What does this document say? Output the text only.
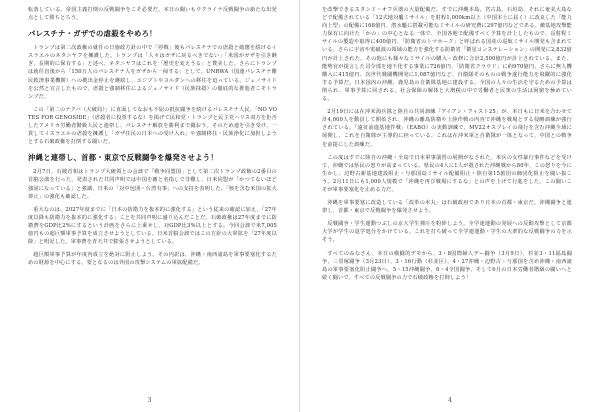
転落している。帝国主義打倒の反戦闘争をこそ必要だ。本日の闘いもウクライナ反戦闘争の新たな出発点として勝ちとろう。

パレスチナ・ガザでの虐殺をやめろ！

トランプは第二次政権の就任の日施政方針の中で「停戦」後もパレスチナでの虐殺と破壊を続けるイスラエルのネタニヤフを擁護した。トランプは「人々はガザに戻るべきでない」「米国がガザを引き継ぎ、長期的に保有する」と述べ、ネタニヤフはこれを「歴史を変えうる」と賛美した。さらにトランプは就任直後から「150万人のパレスチナ人をガザから一掃する」として、UNRWA（国連パレスチナ難民救済事業機関）への拠出金停止を継続し、エジプトやヨルダンへの移住を迫っている。ジェノサイドを公然と宣言したもので、虐殺と強制移住によるジェノサイド（民族抹殺）の徹底的な推進者こそトランプだ。

この「第二のナクバ（大破局）」に直面してなおも不屈の抵抗闘争を続けるパレスチナ人民、「NO VOTES FOR GENOSIDE」（虐殺者に投票するな）を掲げて民和党・トランプと民主党ハリス双方を拒否したアメリカ労働者階級人民と連帯し、パレスチナ解放を勝利まで闘おう。そのため連を引き受け、一貫してイスラエルの虐殺を擁護し「ガザ住民の日本への受け入れ」や強制移住・民族浄化に加担しようとする石破政権を打倒する闘いだ。

沖縄と連帯し、首都・東京で反戦闘争を爆発させよう！

2月7日、石破首相はトランプ大統領との会談で「戦争同盟国」として第二次トランプ政権の2番目の首脳会談を行った。発表された共同声明では中国を敵と名指しで非難し、日米同盟が「かつてないほど強固になっている」と強調、日米の「対中包囲・台湾有事」への支持を表明した。「核を含む米国の拡大抑止」の強化も確認した。

重大なのは、2027年度までに「日本の防衛力を抜本的に強化する」という従来の確認に加え、「27年度以降も防衛力を抜本的に強化する」ことを共同声明に盛り込んだことだ。石破政権は27年度までに防衛費をGDP比2%にするという計画をさらに上乗せし、対GDP比3%以上とする。今回会談で米7,005億円もの超巨額軍事予算を成立させようとしている。日米首脳会談ではこの方針の大軍拡を「27年度以降」と明記した。軍事費を青天井で膨張させようとしている。

超巨額軍事予算が年度内成立を絶対に阻止しよう。その内訳は、沖縄・南西諸島を軍事要塞化するための財源を中心にする。要となるのは外国の攻撃システムの軍拡配備だ。

3

を改撃できるスタンド・オフ兵器の大量配備だ。すでに沖縄本島、宮古島、石垣島、それに奄美大島などで配備されている「12式地対艦ミサイル」を射程1,000km以上（中国本土に届く）に改良した「能力向上型」の配備に168億円、潜水艦に搭載可能なミサイルの研究費に297億円などである。敵基地攻撃能力保有に向けた「かの」の中心となる一体で、全国各地で配備すべく予算を計上したもので、長射程ミサイルの製造や取得に400億円、「防衛省のトマホーク」と呼ばれる国産の巡航ミサイル開発も含まれている。さらに宇宙や電磁波の領域の能力を強化する防衛省「衛星コンステレーション」の開発に2,832億円が計上された。その他にも様々なミサイルの購入・改修に合計2,500億円が計上されている。また、能勢官が提言した司令部を地下化する事業に726億円、「防衛省クラウド」に約970億円、さらに無人機購入に415億円、次世代戦闘機開発に1,087億円など、自衛隊そのものの戦争遂行能力を飛躍的に強化する予算だ。日本国内の沖縄、鹿児島の自衛隊基地に建設する。全国の人々の生活を守るための予算は削られ、軍事予算に回される。社会保障の解体と大増税の中で労働者と民衆の生活は困窮を極めている。

2月19日には在沖米海兵隊と陸自の共同訓練「アイアン・フィスト25」が、本日もに日米を合わせて計4,000人を動員して開始され、沖縄の離島防衛や上陸作戦の内容で沖縄を戦場とする侵略訓練が強行されている。「遠征前進基地作戦」（EABO）の実動訓練で、MV22オスプレイの飛行を含む沖縄全域に展開し、これを自衛隊が主導的に担っている。これは在沖米軍と自衛隊が一体となって、中国との戦争を前提にした訓練だ。

この度はすでに陸自の沖縄・全島で日本軍事演習の展開がなされた。米兵の女性暴行事件などを受けて、沖縄では県民の怒りが高まっている。県民の4人に1人が殺された沖縄戦から80年、この怒りを今に生かし、辺野古新基地建設阻止・与那国島ミサイル配備阻止・陸自第15旅団の師団化阻止を闘い抜こう。2月11日にも1,000人規模で「沖縄を再び戦場にするな」との声を上げて行進をした。この闘いこそが軍事要塞化を止める力だ。

沖縄を軍事要塞に改造している「改革の本丸」は石破政府であり日本の首都・東京だ。沖縄闘争と連帯し、首都・東京で反戦闘争を爆発させよう。

反戦闘争・学生運動つぶしの京大学生弾圧を粉砕しよう。全学連運動の発展への反動攻撃として京都大学が学生の退学処分をかけている。これを打ち破って全学連運動・学生の大衆的な反戦闘争の力を示そう。

すべてのみなさん、本日の戦闘的デモから、3・8国際婦人デー闘争（3月9日）、杉並3・11福島闘争、三里塚闘争（3月23日）、3・16行動（杉並区）、4・27沖縄・辺野古・与那国を含め沖縄・南西諸島の軍事要塞化阻止闘争へ。5・15沖縄闘争、6・4全国闘争、そして6月の日本労働者階級の闘いへと続く闘いで、すべての反戦闘争の力で石破政権を打倒しよう！

4
